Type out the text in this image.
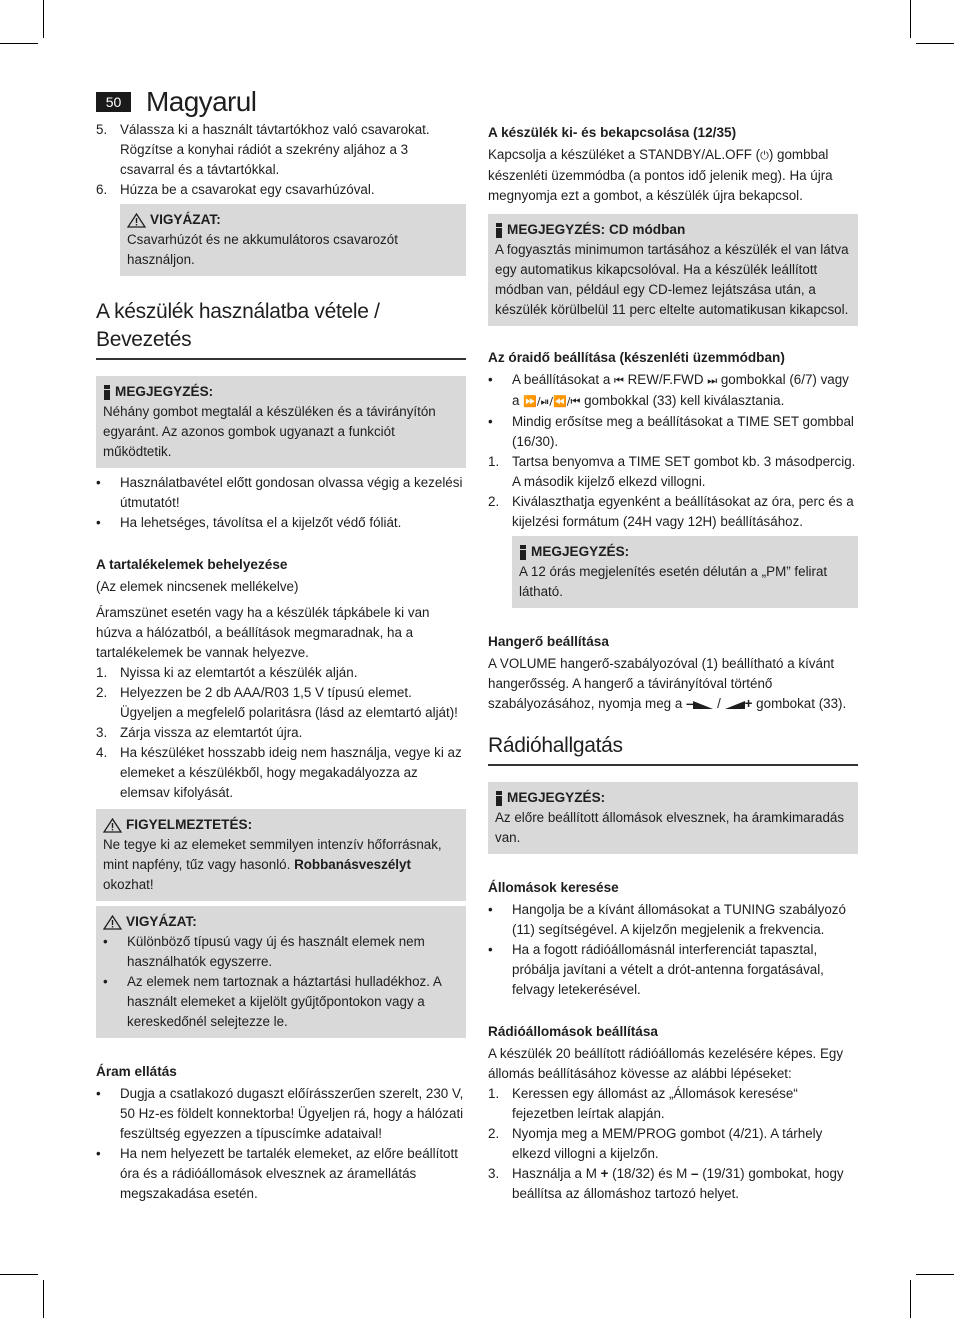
50 Magyarul
5. Válassza ki a használt távtartókhoz való csavarokat. Rögzítse a konyhai rádiót a szekrény aljához a 3 csavarral és a távtartókkal.
6. Húzza be a csavarokat egy csavarhúzóval.
VIGYÁZAT:

Csavarhúzót és ne akkumulátoros csavarozót használjon.

A készülék használatba vétele / Bevezetés
MEGJEGYZÉS:

Néhány gombot megtalál a készüléken és a távirányítón egyaránt. Az azonos gombok ugyanazt a funkciót működtetik.

•	Használatbavétel előtt gondosan olvassa végig a kezelési útmutatót!
•	Ha lehetséges, távolítsa el a kijelzőt védő fóliát.
A tartalékelemek behelyezése

(Az elemek nincsenek mellékelve)

Áramszünet esetén vagy ha a készülék tápkábele ki van húzva a hálózatból, a beállítások megmaradnak, ha a tartalékelemek be vannak helyezve.

1. Nyissa ki az elemtartót a készülék alján.
2. Helyezzen be 2 db AAA/R03 1,5 V típusú elemet. Ügyeljen a megfelelő polaritásra (lásd az elemtartó alját)!
3. Zárja vissza az elemtartót újra.
4. Ha készüléket hosszabb ideig nem használja, vegye ki az elemeket a készülékből, hogy megakadályozza az elemsav kifolyását.
FIGYELMEZTETÉS:

Ne tegye ki az elemeket semmilyen intenzív hőforrásnak, mint napfény, tűz vagy hasonló. Robbanásveszélyt okozhat!

VIGYÁZAT:
•	Különböző típusú vagy új és használt elemek nem használhatók egyszerre.
•	Az elemek nem tartoznak a háztartási hulladékhoz. A használt elemeket a kijelölt gyűjtőpontokon vagy a kereskedőnél selejtezze le.
Áram ellátás
•	Dugja a csatlakozó dugaszt előírásszerűen szerelt, 230 V, 50 Hz-es földelt konnektorba! Ügyeljen rá, hogy a hálózati feszültség egyezzen a típuscímke adataival!
•	Ha nem helyezett be tartalék elemeket, az előre beállított óra és a rádióállomások elvesznek az áramellátás megszakadása esetén.
A készülék ki- és bekapcsolása (12/35)

Kapcsolja a készüléket a STANDBY/AL.OFF (⏻) gombbal készenléti üzemmódba (a pontos idő jelenik meg). Ha újra megnyomja ezt a gombot, a készülék újra bekapcsol.

MEGJEGYZÉS: CD módban

A fogyasztás minimumon tartásához a készülék el van látva egy automatikus kikapcsolóval. Ha a készülék leállított módban van, például egy CD-lemez lejátszása után, a készülék körülbelül 11 perc eltelte automatikusan kikapcsol.

Az óraidő beállítása (készenléti üzemmódban)
•	A beállításokat a ⏮ REW/F.FWD ⏭ gombokkal (6/7) vagy a ⏩/⏯/⏪/⏮ gombokkal (33) kell kiválasztania.
•	Mindig erősítse meg a beállításokat a TIME SET gombbal (16/30).
1. Tartsa benyomva a TIME SET gombot kb. 3 másodpercig. A második kijelző elkezd villogni.
2. Kiválaszthatja egyenként a beállításokat az óra, perc és a kijelzési formátum (24H vagy 12H) beállításához.
MEGJEGYZÉS:

A 12 órás megjelenítés esetén délután a „PM” felirat látható.

Hangerő beállítása

A VOLUME hangerő-szabályozóval (1) beállítható a kívánt hangerősség. A hangerő a távirányítóval történő szabályozásához, nyomja meg a – / + gombokat (33).

Rádióhallgatás
MEGJEGYZÉS:

Az előre beállított állomások elvesznek, ha áramkimaradás van.

Állomások keresése
•	Hangolja be a kívánt állomásokat a TUNING szabályozó (11) segítségével. A kijelzőn megjelenik a frekvencia.
•	Ha a fogott rádióállomásnál interferenciát tapasztal, próbálja javítani a vételt a drót-antenna forgatásával, felvagy letekerésével.
Rádióállomások beállítása

A készülék 20 beállított rádióállomás kezelésére képes. Egy állomás beállításához kövesse az alábbi lépéseket:

1. Keressen egy állomást az „Állomások keresése“ fejezetben leírtak alapján.
2. Nyomja meg a MEM/PROG gombot (4/21). A tárhely elkezd villogni a kijelzőn.
3. Használja a M + (18/32) és M – (19/31) gombokat, hogy beállítsa az állomáshoz tartozó helyet.
